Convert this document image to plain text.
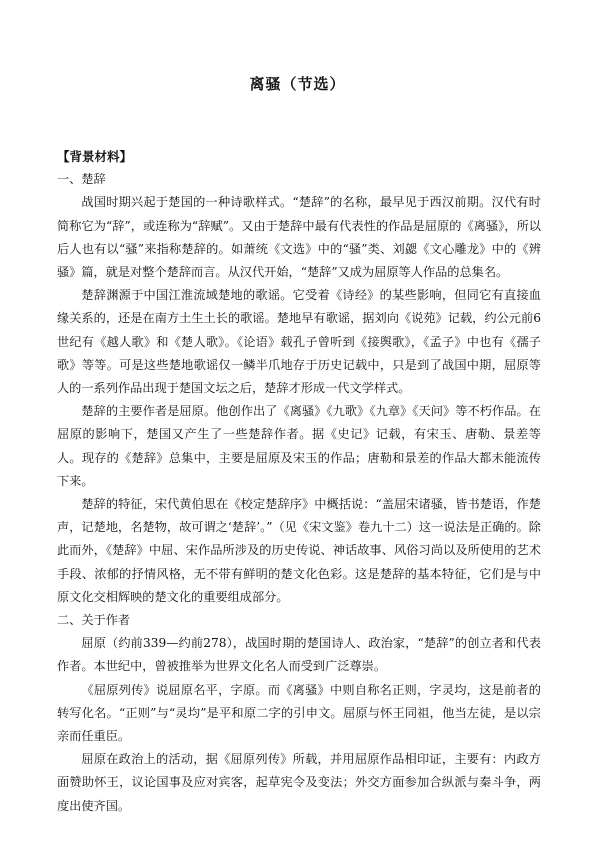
离骚（节选）

【背景材料】

一、楚辞

战国时期兴起于楚国的一种诗歌样式。“楚辞”的名称，最早见于西汉前期。汉代有时简称它为“辞”，或连称为“辞赋”。又由于楚辞中最有代表性的作品是屈原的《离骚》，所以后人也有以“骚”来指称楚辞的。如萧统《文选》中的“骚”类、刘勰《文心雕龙》中的《辨骚》篇，就是对整个楚辞而言。从汉代开始，“楚辞”又成为屈原等人作品的总集名。

楚辞渊源于中国江淮流域楚地的歌谣。它受着《诗经》的某些影响，但同它有直接血缘关系的，还是在南方土生土长的歌谣。楚地早有歌谣，据刘向《说苑》记载，约公元前6世纪有《越人歌》和《楚人歌》。《论语》载孔子曾听到《接舆歌》，《孟子》中也有《孺子歌》等等。可是这些楚地歌谣仅一鳞半爪地存于历史记载中，只是到了战国中期，屈原等人的一系列作品出现于楚国文坛之后，楚辞才形成一代文学样式。

楚辞的主要作者是屈原。他创作出了《离骚》《九歌》《九章》《天问》等不朽作品。在屈原的影响下，楚国又产生了一些楚辞作者。据《史记》记载，有宋玉、唐勒、景差等人。现存的《楚辞》总集中，主要是屈原及宋玉的作品；唐勒和景差的作品大都未能流传下来。

楚辞的特征，宋代黄伯思在《校定楚辞序》中概括说：“盖屈宋诸骚，皆书楚语，作楚声，记楚地，名楚物，故可谓之‘楚辞’。”（见《宋文鉴》卷九十二）这一说法是正确的。除此而外，《楚辞》中屈、宋作品所涉及的历史传说、神话故事、风俗习尚以及所使用的艺术手段、浓郁的抒情风格，无不带有鲜明的楚文化色彩。这是楚辞的基本特征，它们是与中原文化交相辉映的楚文化的重要组成部分。

二、关于作者

屈原（约前339—约前278），战国时期的楚国诗人、政治家，“楚辞”的创立者和代表作者。本世纪中，曾被推举为世界文化名人而受到广泛尊崇。

《屈原列传》说屈原名平，字原。而《离骚》中则自称名正则，字灵均，这是前者的转写化名。“正则”与“灵均”是平和原二字的引申文。屈原与怀王同祖，他当左徒，是以宗亲而任重臣。

屈原在政治上的活动，据《屈原列传》所载，并用屈原作品相印证，主要有：内政方面赞助怀王，议论国事及应对宾客，起草宪令及变法；外交方面参加合纵派与秦斗争，两度出使齐国。
